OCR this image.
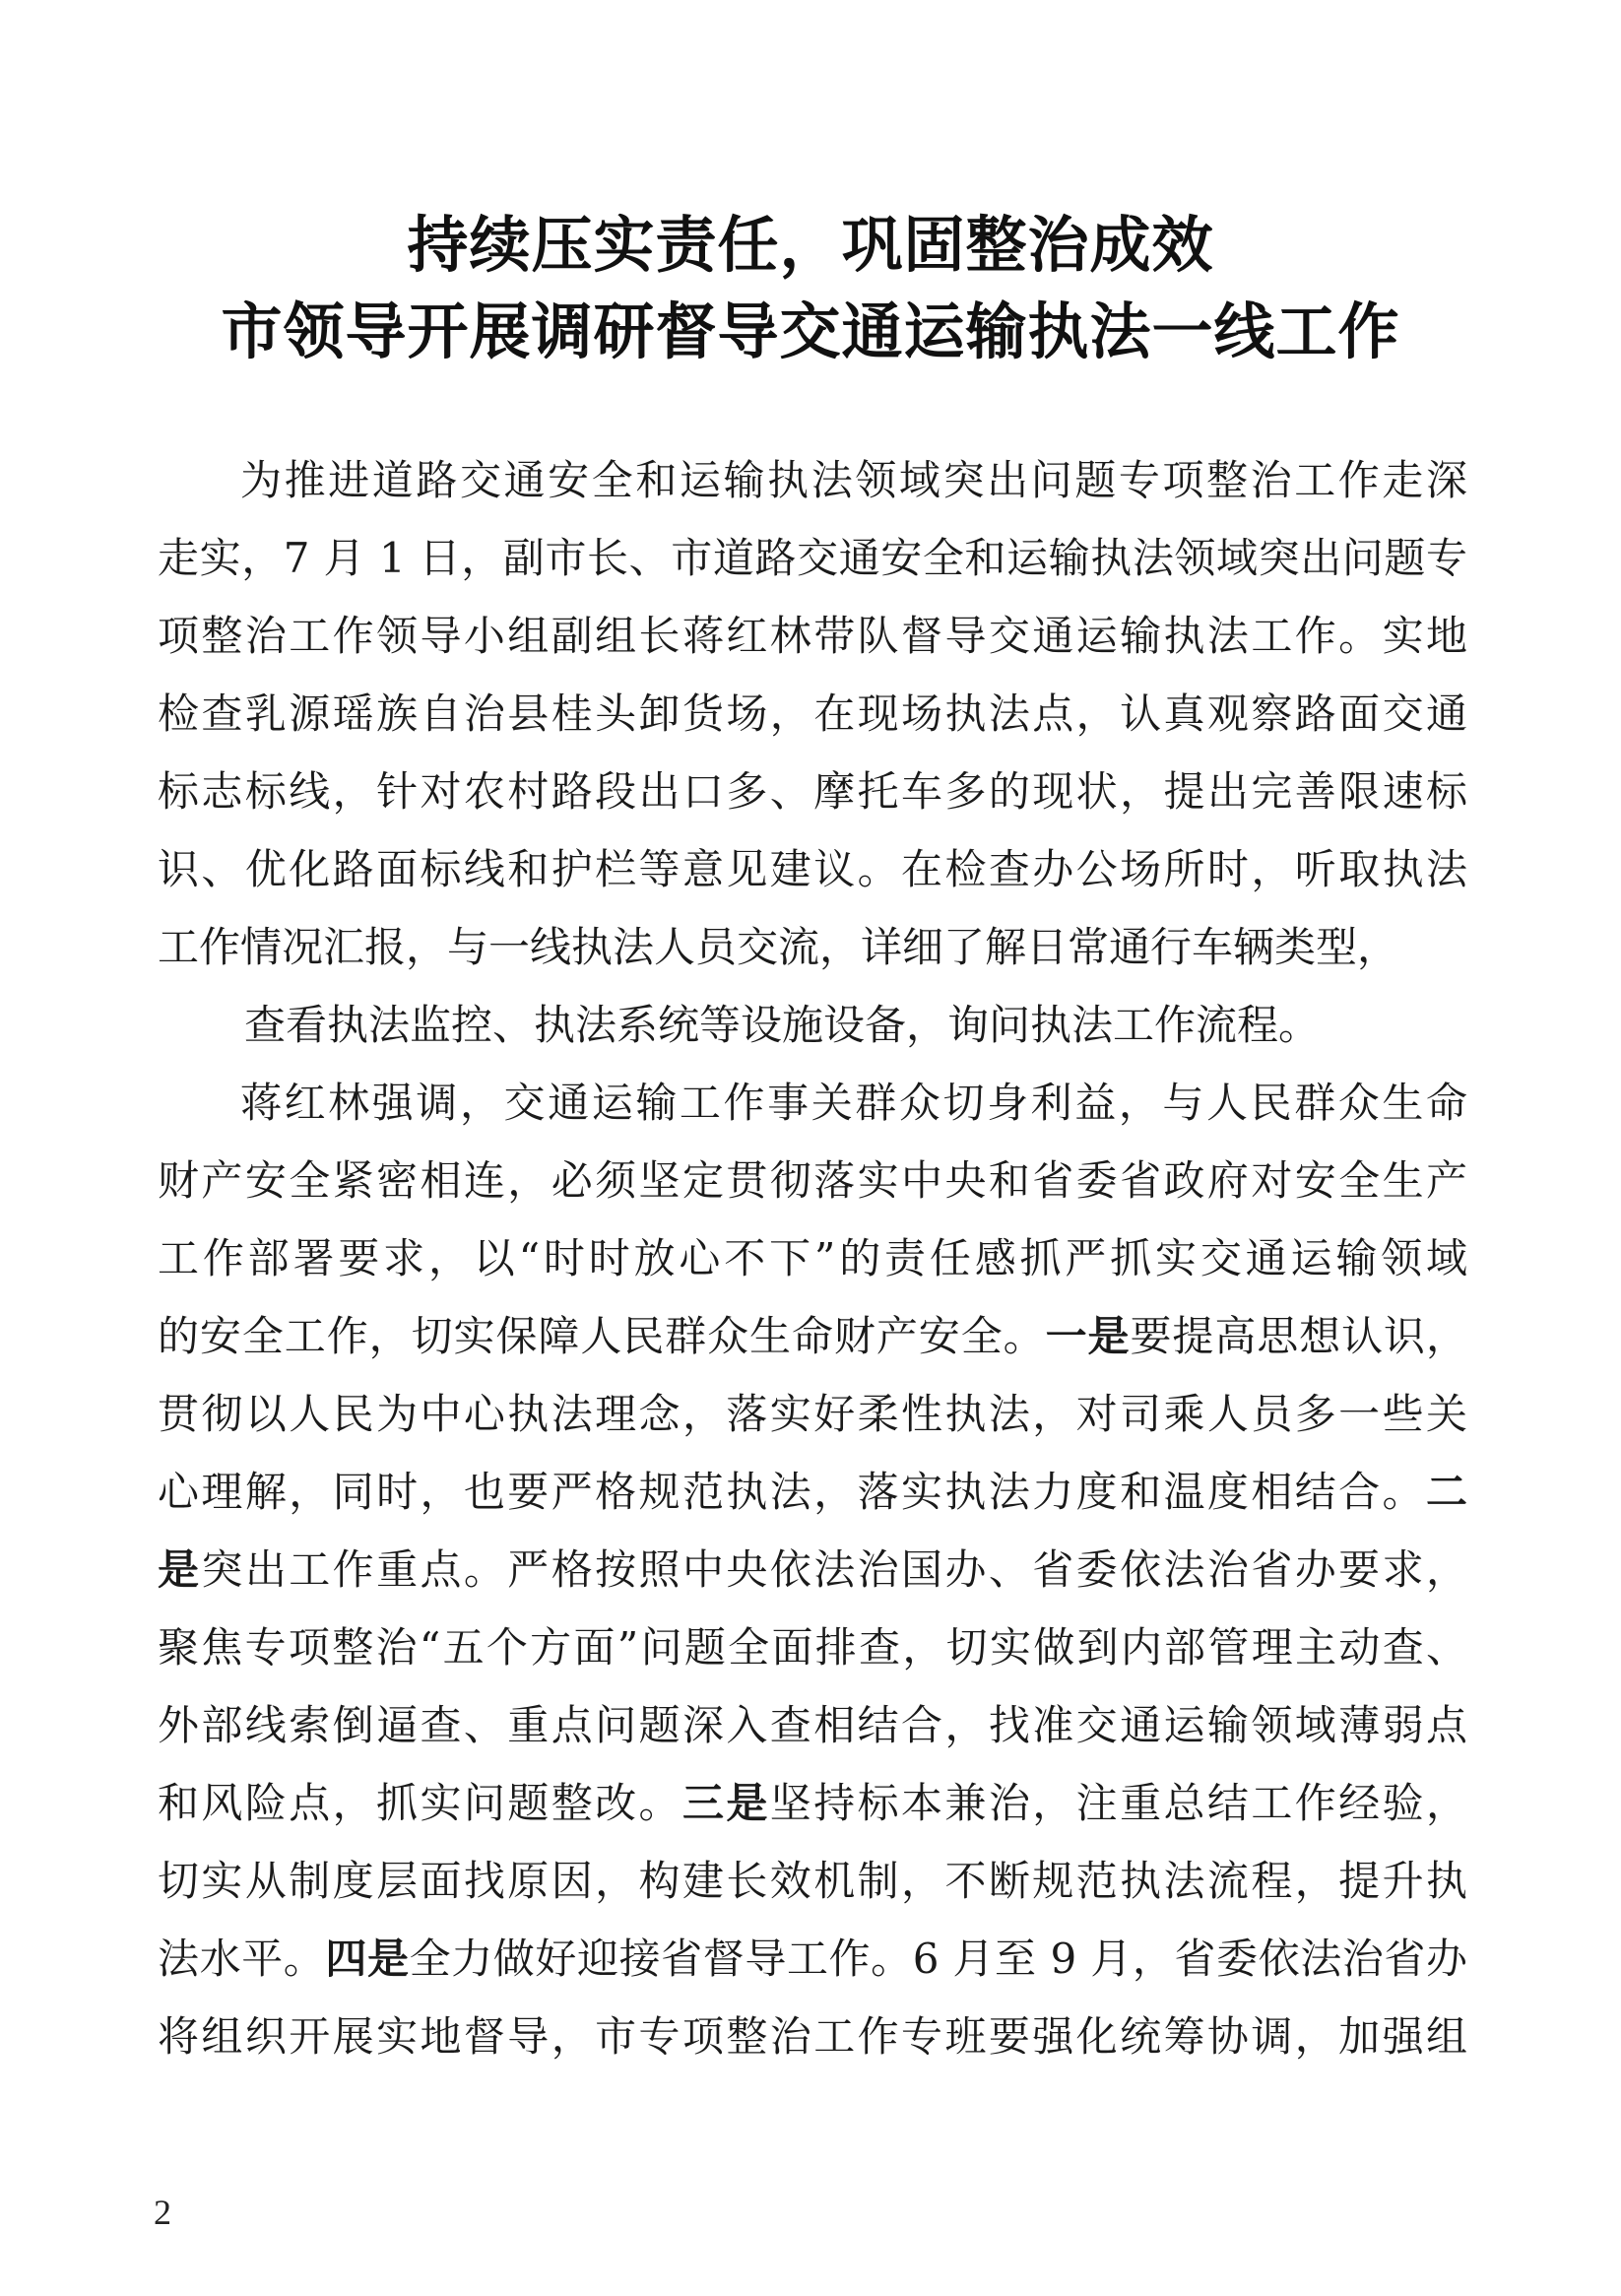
持续压实责任，巩固整治成效
市领导开展调研督导交通运输执法一线工作
为推进道路交通安全和运输执法领域突出问题专项整治工作走深
走实，7 月 1 日，副市长、市道路交通安全和运输执法领域突出问题专
项整治工作领导小组副组长蒋红林带队督导交通运输执法工作。实地
检查乳源瑶族自治县桂头卸货场，在现场执法点，认真观察路面交通
标志标线，针对农村路段出口多、摩托车多的现状，提出完善限速标
识、优化路面标线和护栏等意见建议。在检查办公场所时，听取执法
工作情况汇报，与一线执法人员交流，详细了解日常通行车辆类型，
查看执法监控、执法系统等设施设备，询问执法工作流程。
蒋红林强调，交通运输工作事关群众切身利益，与人民群众生命
财产安全紧密相连，必须坚定贯彻落实中央和省委省政府对安全生产
工作部署要求，以“时时放心不下”的责任感抓严抓实交通运输领域
的安全工作，切实保障人民群众生命财产安全。一是要提高思想认识，
贯彻以人民为中心执法理念，落实好柔性执法，对司乘人员多一些关
心理解，同时，也要严格规范执法，落实执法力度和温度相结合。二
是突出工作重点。严格按照中央依法治国办、省委依法治省办要求，
聚焦专项整治“五个方面”问题全面排查，切实做到内部管理主动查、
外部线索倒逼查、重点问题深入查相结合，找准交通运输领域薄弱点
和风险点，抓实问题整改。三是坚持标本兼治，注重总结工作经验，
切实从制度层面找原因，构建长效机制，不断规范执法流程，提升执
法水平。四是全力做好迎接省督导工作。6 月至 9 月，省委依法治省办
将组织开展实地督导，市专项整治工作专班要强化统筹协调，加强组
2
